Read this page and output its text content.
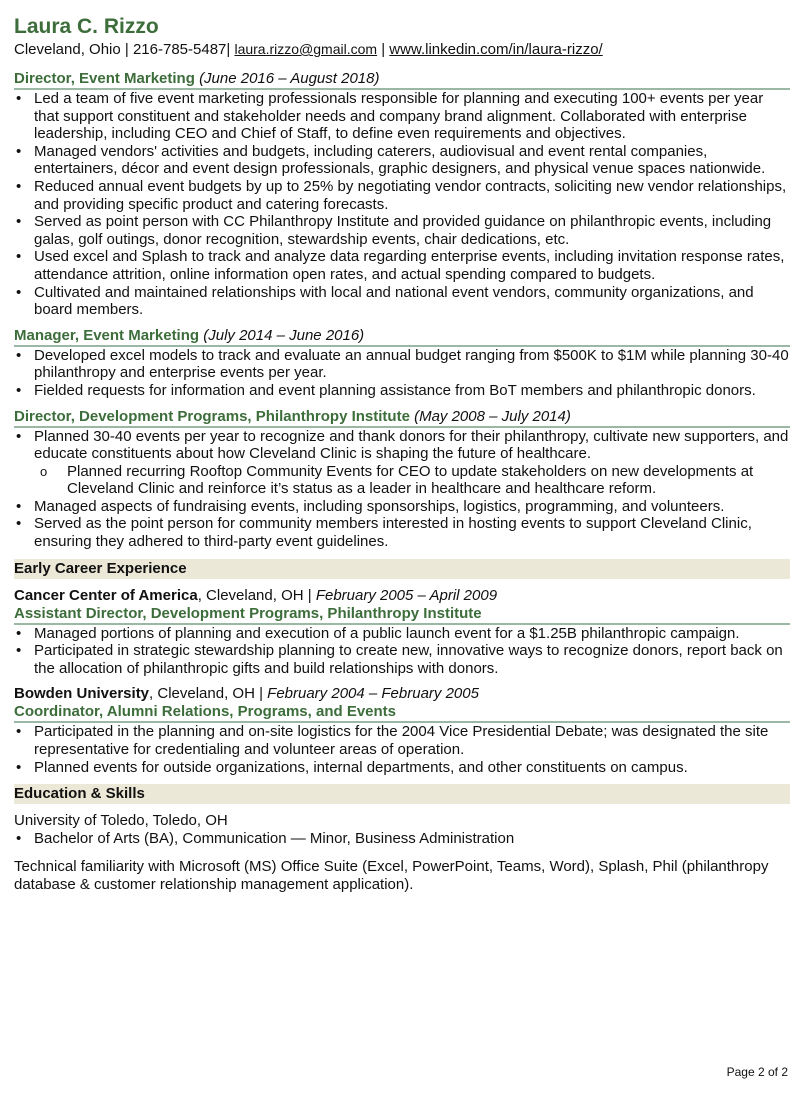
Laura C. Rizzo
Cleveland, Ohio | 216-785-5487| laura.rizzo@gmail.com | www.linkedin.com/in/laura-rizzo/
Director, Event Marketing (June 2016 – August 2018)
• Led a team of five event marketing professionals responsible for planning and executing 100+ events per year that support constituent and stakeholder needs and company brand alignment. Collaborated with enterprise leadership, including CEO and Chief of Staff, to define even requirements and objectives.
• Managed vendors' activities and budgets, including caterers, audiovisual and event rental companies, entertainers, décor and event design professionals, graphic designers, and physical venue spaces nationwide.
• Reduced annual event budgets by up to 25% by negotiating vendor contracts, soliciting new vendor relationships, and providing specific product and catering forecasts.
• Served as point person with CC Philanthropy Institute and provided guidance on philanthropic events, including galas, golf outings, donor recognition, stewardship events, chair dedications, etc.
• Used excel and Splash to track and analyze data regarding enterprise events, including invitation response rates, attendance attrition, online information open rates, and actual spending compared to budgets.
• Cultivated and maintained relationships with local and national event vendors, community organizations, and board members.
Manager, Event Marketing (July 2014 – June 2016)
• Developed excel models to track and evaluate an annual budget ranging from $500K to $1M while planning 30-40 philanthropy and enterprise events per year.
• Fielded requests for information and event planning assistance from BoT members and philanthropic donors.
Director, Development Programs, Philanthropy Institute (May 2008 – July 2014)
• Planned 30-40 events per year to recognize and thank donors for their philanthropy, cultivate new supporters, and educate constituents about how Cleveland Clinic is shaping the future of healthcare.
o Planned recurring Rooftop Community Events for CEO to update stakeholders on new developments at Cleveland Clinic and reinforce it’s status as a leader in healthcare and healthcare reform.
• Managed aspects of fundraising events, including sponsorships, logistics, programming, and volunteers.
• Served as the point person for community members interested in hosting events to support Cleveland Clinic, ensuring they adhered to third-party event guidelines.
Early Career Experience
Cancer Center of America, Cleveland, OH | February 2005 – April 2009
Assistant Director, Development Programs, Philanthropy Institute
• Managed portions of planning and execution of a public launch event for a $1.25B philanthropic campaign.
• Participated in strategic stewardship planning to create new, innovative ways to recognize donors, report back on the allocation of philanthropic gifts and build relationships with donors.
Bowden University, Cleveland, OH | February 2004 – February 2005
Coordinator, Alumni Relations, Programs, and Events
• Participated in the planning and on-site logistics for the 2004 Vice Presidential Debate; was designated the site representative for credentialing and volunteer areas of operation.
• Planned events for outside organizations, internal departments, and other constituents on campus.
Education & Skills
University of Toledo, Toledo, OH
• Bachelor of Arts (BA), Communication — Minor, Business Administration
Technical familiarity with Microsoft (MS) Office Suite (Excel, PowerPoint, Teams, Word), Splash, Phil (philanthropy database & customer relationship management application).
Page 2 of 2
